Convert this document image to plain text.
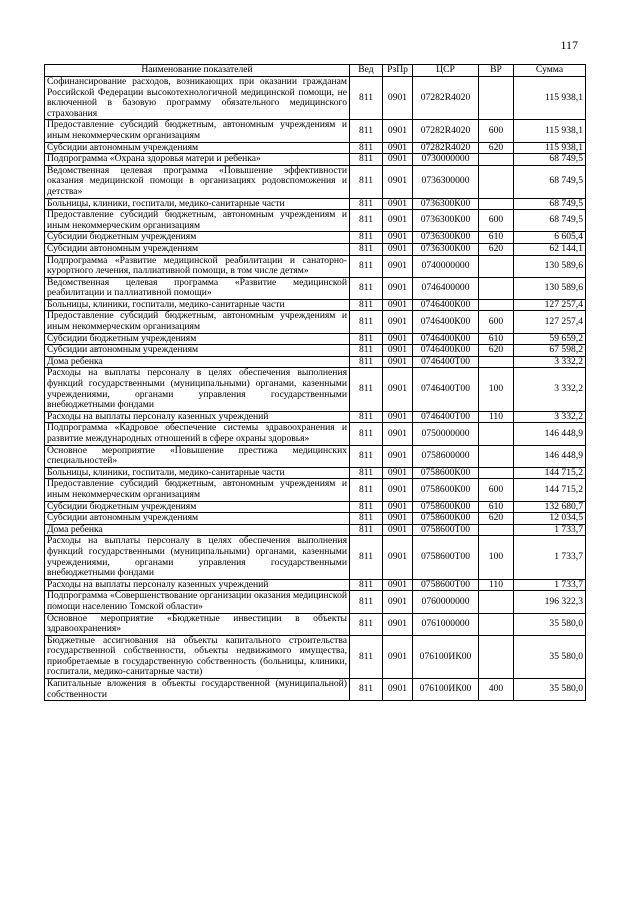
117
Наименование показателей	Вед	РзПр	ЦСР	ВР	Сумма
Софинансирование расходов, возникающих при оказании гражданам Российской Федерации высокотехнологичной медицинской помощи, не включенной в базовую программу обязательного медицинского страхования	811	0901	07282R4020		115 938,1
Предоставление субсидий бюджетным, автономным учреждениям и иным некоммерческим организациям	811	0901	07282R4020	600	115 938,1
Субсидии автономным учреждениям	811	0901	07282R4020	620	115 938,1
Подпрограмма «Охрана здоровья матери и ребенка»	811	0901	0730000000		68 749,5
Ведомственная целевая программа «Повышение эффективности оказания медицинской помощи в организациях родовспоможения и детства»	811	0901	0736300000		68 749,5
Больницы, клиники, госпитали, медико-санитарные части	811	0901	0736300К00		68 749,5
Предоставление субсидий бюджетным, автономным учреждениям и иным некоммерческим организациям	811	0901	0736300К00	600	68 749,5
Субсидии бюджетным учреждениям	811	0901	0736300К00	610	6 605,4
Субсидии автономным учреждениям	811	0901	0736300К00	620	62 144,1
Подпрограмма «Развитие медицинской реабилитации и санаторно-курортного лечения, паллиативной помощи, в том числе детям»	811	0901	0740000000		130 589,6
Ведомственная целевая программа «Развитие медицинской реабилитации и паллиативной помощи»	811	0901	0746400000		130 589,6
Больницы, клиники, госпитали, медико-санитарные части	811	0901	0746400К00		127 257,4
Предоставление субсидий бюджетным, автономным учреждениям и иным некоммерческим организациям	811	0901	0746400К00	600	127 257,4
Субсидии бюджетным учреждениям	811	0901	0746400К00	610	59 659,2
Субсидии автономным учреждениям	811	0901	0746400К00	620	67 598,2
Дома ребенка	811	0901	0746400Т00		3 332,2
Расходы на выплаты персоналу в целях обеспечения выполнения функций государственными (муниципальными) органами, казенными учреждениями, органами управления государственными внебюджетными фондами	811	0901	0746400Т00	100	3 332,2
Расходы на выплаты персоналу казенных учреждений	811	0901	0746400Т00	110	3 332,2
Подпрограмма «Кадровое обеспечение системы здравоохранения и развитие международных отношений в сфере охраны здоровья»	811	0901	0750000000		146 448,9
Основное мероприятие «Повышение престижа медицинских специальностей»	811	0901	0758600000		146 448,9
Больницы, клиники, госпитали, медико-санитарные части	811	0901	0758600К00		144 715,2
Предоставление субсидий бюджетным, автономным учреждениям и иным некоммерческим организациям	811	0901	0758600К00	600	144 715,2
Субсидии бюджетным учреждениям	811	0901	0758600К00	610	132 680,7
Субсидии автономным учреждениям	811	0901	0758600К00	620	12 034,5
Дома ребенка	811	0901	0758600Т00		1 733,7
Расходы на выплаты персоналу в целях обеспечения выполнения функций государственными (муниципальными) органами, казенными учреждениями, органами управления государственными внебюджетными фондами	811	0901	0758600Т00	100	1 733,7
Расходы на выплаты персоналу казенных учреждений	811	0901	0758600Т00	110	1 733,7
Подпрограмма «Совершенствование организации оказания медицинской помощи населению Томской области»	811	0901	0760000000		196 322,3
Основное мероприятие «Бюджетные инвестиции в объекты здравоохранения»	811	0901	0761000000		35 580,0
Бюджетные ассигнования на объекты капитального строительства государственной собственности, объекты недвижимого имущества, приобретаемые в государственную собственность (больницы, клиники, госпитали, медико-санитарные части)	811	0901	076100ИК00		35 580,0
Капитальные вложения в объекты государственной (муниципальной) собственности	811	0901	076100ИК00	400	35 580,0
